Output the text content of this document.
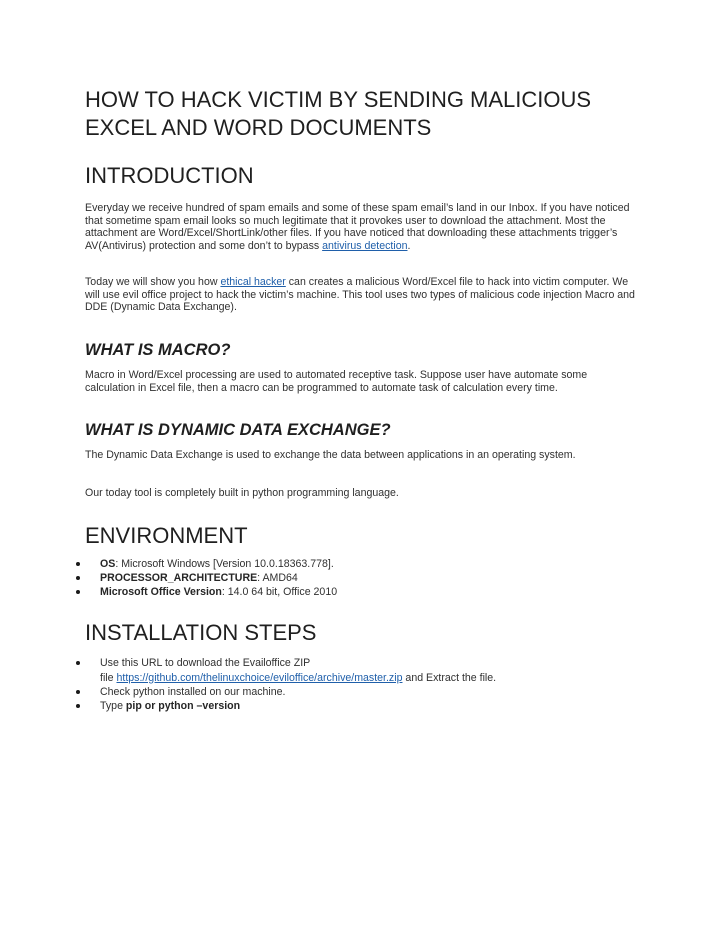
HOW TO HACK VICTIM BY SENDING MALICIOUS EXCEL AND WORD DOCUMENTS
INTRODUCTION

Everyday we receive hundred of spam emails and some of these spam email’s land in our Inbox. If you have noticed that sometime spam email looks so much legitimate that it provokes user to download the attachment. Most the attachment are Word/Excel/ShortLink/other files. If you have noticed that downloading these attachments trigger’s AV(Antivirus) protection and some don’t to bypass antivirus detection.

Today we will show you how ethical hacker can creates a malicious Word/Excel file to hack into victim computer. We will use evil office project to hack the victim’s machine. This tool uses two types of malicious code injection Macro and DDE (Dynamic Data Exchange).

WHAT IS MACRO?

Macro in Word/Excel processing are used to automated receptive task. Suppose user have automate some calculation in Excel file, then a macro can be programmed to automate task of calculation every time.

WHAT IS DYNAMIC DATA EXCHANGE?

The Dynamic Data Exchange is used to exchange the data between applications in an operating system.

Our today tool is completely built in python programming language.

ENVIRONMENT
OS: Microsoft Windows [Version 10.0.18363.778].
PROCESSOR_ARCHITECTURE: AMD64
Microsoft Office Version: 14.0 64 bit, Office 2010
INSTALLATION STEPS
Use this URL to download the Evailoffice ZIP
file https://github.com/thelinuxchoice/eviloffice/archive/master.zip and Extract the file.
Check python installed on our machine.
Type pip or python –version
